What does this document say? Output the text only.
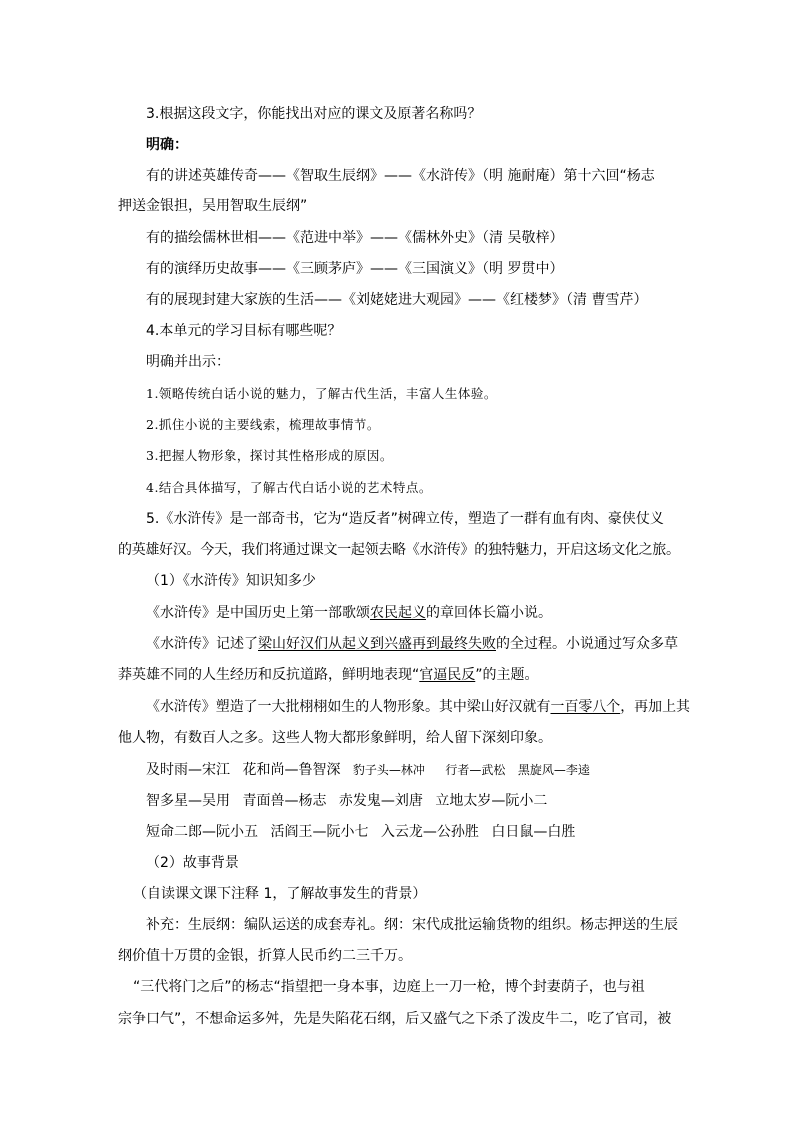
3.根据这段文字，你能找出对应的课文及原著名称吗？
明确：
有的讲述英雄传奇——《智取生辰纲》——《水浒传》（明 施耐庵）第十六回“杨志
押送金银担，吴用智取生辰纲”
有的描绘儒林世相——《范进中举》——《儒林外史》（清 吴敬梓）
有的演绎历史故事——《三顾茅庐》——《三国演义》（明 罗贯中）
有的展现封建大家族的生活——《刘姥姥进大观园》——《红楼梦》（清 曹雪芹）
4.本单元的学习目标有哪些呢？
明确并出示：
1.领略传统白话小说的魅力，了解古代生活，丰富人生体验。
2.抓住小说的主要线索，梳理故事情节。
3.把握人物形象，探讨其性格形成的原因。
4.结合具体描写，了解古代白话小说的艺术特点。
5.《水浒传》是一部奇书，它为“造反者”树碑立传，塑造了一群有血有肉、豪侠仗义
的英雄好汉。今天，我们将通过课文一起领去略《水浒传》的独特魅力，开启这场文化之旅。
（1）《水浒传》知识知多少
《水浒传》是中国历史上第一部歌颂农民起义的章回体长篇小说。
《水浒传》记述了梁山好汉们从起义到兴盛再到最终失败的全过程。小说通过写众多草
莽英雄不同的人生经历和反抗道路，鲜明地表现“官逼民反”的主题。
《水浒传》塑造了一大批栩栩如生的人物形象。其中梁山好汉就有一百零八个，再加上其
他人物，有数百人之多。这些人物大都形象鲜明，给人留下深刻印象。
及时雨—宋江 花和尚—鲁智深 豹子头—林冲 行者—武松 黑旋风—李逵
智多星—吴用 青面兽—杨志 赤发鬼—刘唐 立地太岁—阮小二
短命二郎—阮小五 活阎王—阮小七 入云龙—公孙胜 白日鼠—白胜
（2）故事背景
（自读课文课下注释 1，了解故事发生的背景）
补充：生辰纲：编队运送的成套寿礼。纲：宋代成批运输货物的组织。杨志押送的生辰
纲价值十万贯的金银，折算人民币约二三千万。
“三代将门之后”的杨志“指望把一身本事，边庭上一刀一枪，博个封妻荫子，也与祖
宗争口气”，不想命运多舛，先是失陷花石纲，后又盛气之下杀了泼皮牛二，吃了官司，被
